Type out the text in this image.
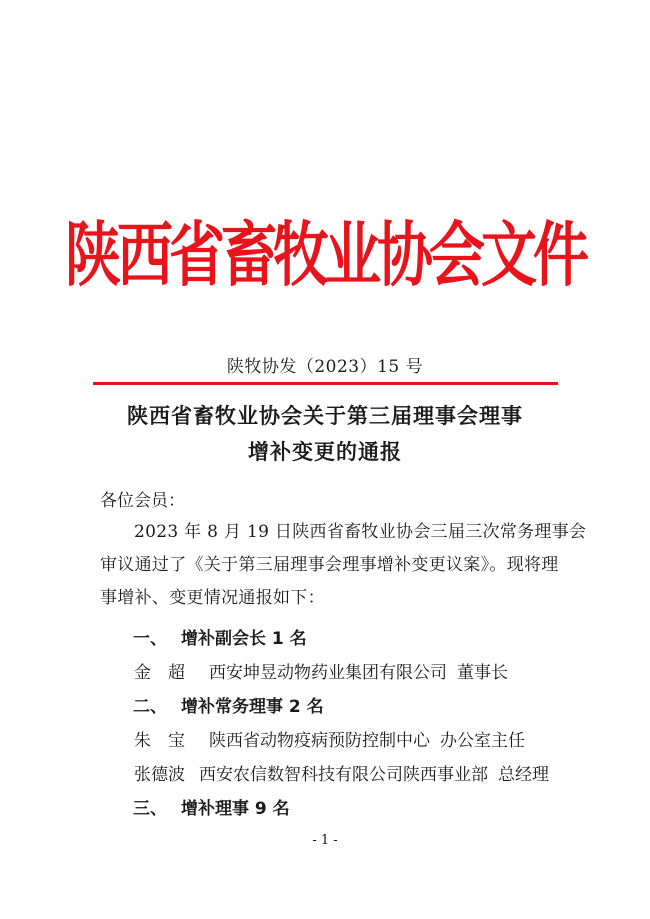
陕西省畜牧业协会文件
陕牧协发（2023）15 号
陕西省畜牧业协会关于第三届理事会理事
增补变更的通报
各位会员：
2023 年 8 月 19 日陕西省畜牧业协会三届三次常务理事会
审议通过了《关于第三届理事会理事增补变更议案》。现将理
事增补、变更情况通报如下：
一、 增补副会长 1 名
金　超 西安坤昱动物药业集团有限公司 董事长
二、 增补常务理事 2 名
朱　宝 陕西省动物疫病预防控制中心 办公室主任
张德波 西安农信数智科技有限公司陕西事业部 总经理
三、 增补理事 9 名
- 1 -
